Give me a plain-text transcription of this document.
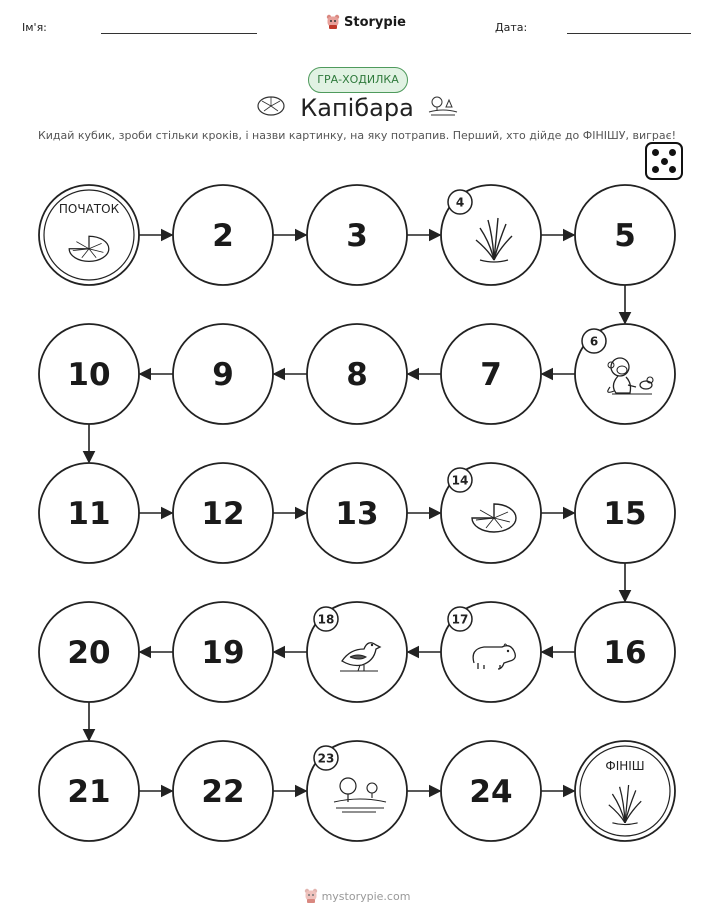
Ім'я:	Storypie	Дата:
ГРА-ХОДИЛКА
Капібара
Кидай кубик, зроби стільки кроків, і назви картинку, на яку потрапив. Перший, хто дійде до ФІНІШУ, виграє!
ПОЧАТОК
2	3
4
5
6
7
8
9
10
11	12	13
14
15
16
17
18
19
20
21	22
23
24
ФІНІШ
mystorypie.com
